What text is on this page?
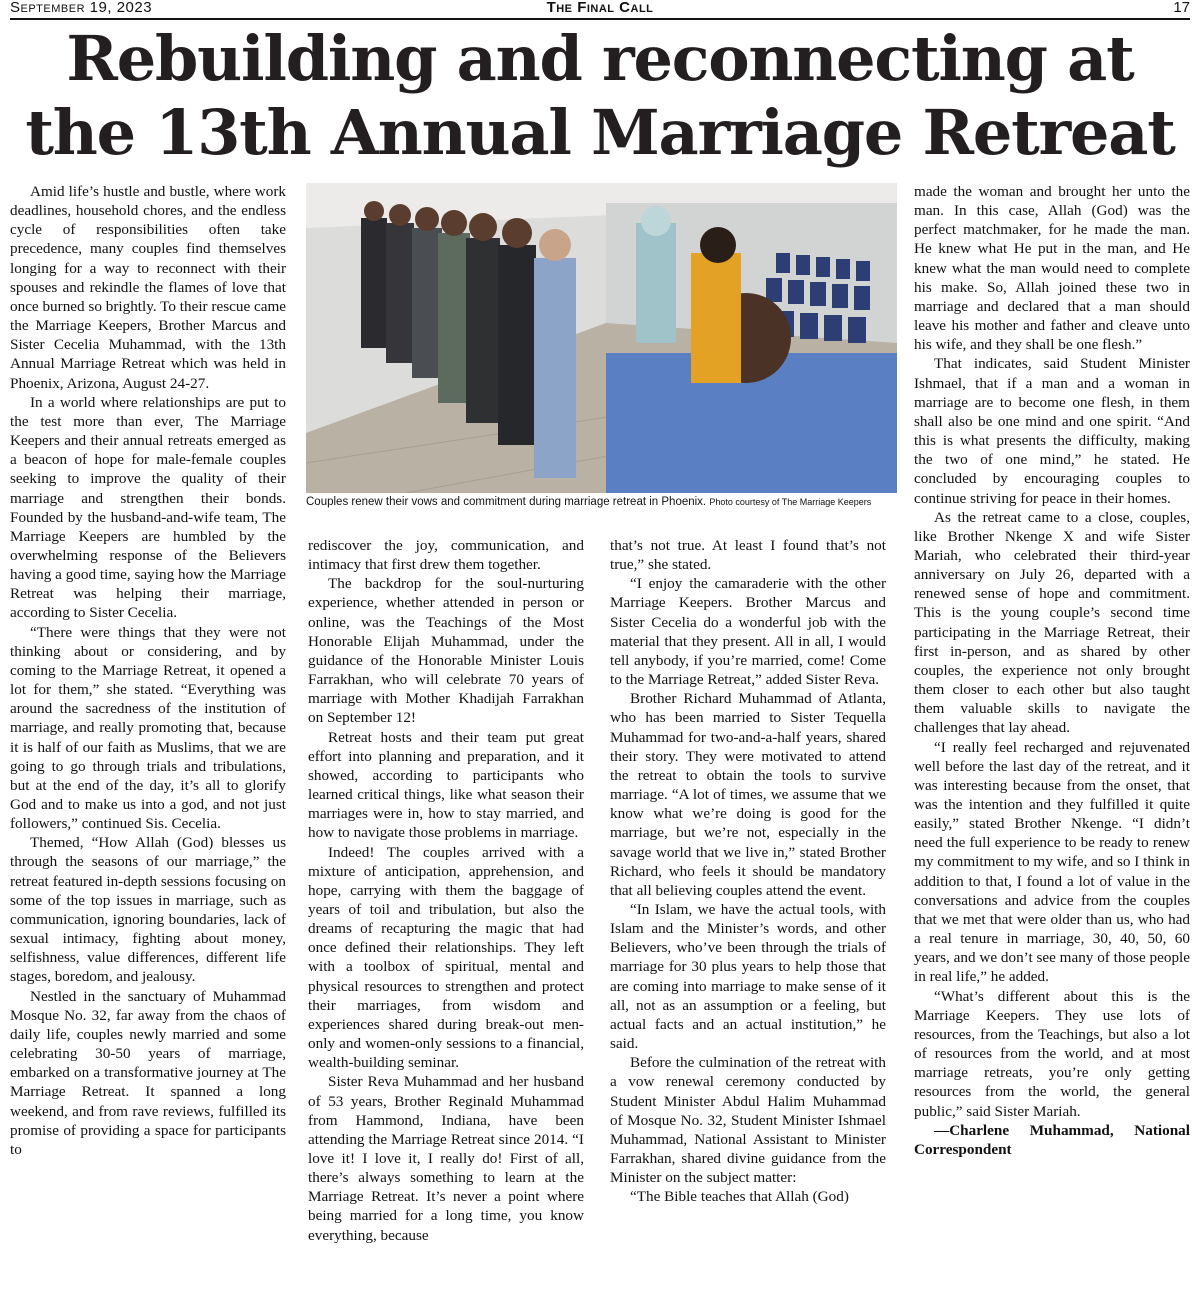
September 19, 2023	The Final Call	17
Rebuilding and reconnecting at
the 13th Annual Marriage Retreat

Amid life’s hustle and bustle, where work deadlines, household chores, and the endless cycle of responsibilities often take precedence, many couples find themselves longing for a way to reconnect with their spouses and rekindle the flames of love that once burned so brightly. To their rescue came the Marriage Keepers, Brother Marcus and Sister Cecelia Muhammad, with the 13th Annual Marriage Retreat which was held in Phoenix, Arizona, August 24-27.

In a world where relationships are put to the test more than ever, The Marriage Keepers and their annual retreats emerged as a beacon of hope for male-female couples seeking to improve the quality of their marriage and strengthen their bonds. Founded by the husband-and-wife team, The Marriage Keepers are humbled by the overwhelming response of the Believers having a good time, saying how the Marriage Retreat was helping their marriage, according to Sister Cecelia.

“There were things that they were not thinking about or considering, and by coming to the Marriage Retreat, it opened a lot for them,” she stated. “Everything was around the sacredness of the institution of marriage, and really promoting that, because it is half of our faith as Muslims, that we are going to go through trials and tribulations, but at the end of the day, it’s all to glorify God and to make us into a god, and not just followers,” continued Sis. Cecelia.

Themed, “How Allah (God) blesses us through the seasons of our marriage,” the retreat featured in-depth sessions focusing on some of the top issues in marriage, such as communication, ignoring boundaries, lack of sexual intimacy, fighting about money, selfishness, value differences, different life stages, boredom, and jealousy.

Nestled in the sanctuary of Muhammad Mosque No. 32, far away from the chaos of daily life, couples newly married and some celebrating 30-50 years of marriage, embarked on a transformative journey at The Marriage Retreat. It spanned a long weekend, and from rave reviews, fulfilled its promise of providing a space for participants to

Couples renew their vows and commitment during marriage retreat in Phoenix. Photo courtesy of The Marriage Keepers

rediscover the joy, communication, and intimacy that first drew them together.

The backdrop for the soul-nurturing experience, whether attended in person or online, was the Teachings of the Most Honorable Elijah Muhammad, under the guidance of the Honorable Minister Louis Farrakhan, who will celebrate 70 years of marriage with Mother Khadijah Farrakhan on September 12!

Retreat hosts and their team put great effort into planning and preparation, and it showed, according to participants who learned critical things, like what season their marriages were in, how to stay married, and how to navigate those problems in marriage.

Indeed! The couples arrived with a mixture of anticipation, apprehension, and hope, carrying with them the baggage of years of toil and tribulation, but also the dreams of recapturing the magic that had once defined their relationships. They left with a toolbox of spiritual, mental and physical resources to strengthen and protect their marriages, from wisdom and experiences shared during break-out men-only and women-only sessions to a financial, wealth-building seminar.

Sister Reva Muhammad and her husband of 53 years, Brother Reginald Muhammad from Hammond, Indiana, have been attending the Marriage Retreat since 2014. “I love it! I love it, I really do! First of all, there’s always something to learn at the Marriage Retreat. It’s never a point where being married for a long time, you know everything, because

that’s not true. At least I found that’s not true,” she stated.

“I enjoy the camaraderie with the other Marriage Keepers. Brother Marcus and Sister Cecelia do a wonderful job with the material that they present. All in all, I would tell anybody, if you’re married, come! Come to the Marriage Retreat,” added Sister Reva.

Brother Richard Muhammad of Atlanta, who has been married to Sister Tequella Muhammad for two-and-a-half years, shared their story. They were motivated to attend the retreat to obtain the tools to survive marriage. “A lot of times, we assume that we know what we’re doing is good for the marriage, but we’re not, especially in the savage world that we live in,” stated Brother Richard, who feels it should be mandatory that all believing couples attend the event.

“In Islam, we have the actual tools, with Islam and the Minister’s words, and other Believers, who’ve been through the trials of marriage for 30 plus years to help those that are coming into marriage to make sense of it all, not as an assumption or a feeling, but actual facts and an actual institution,” he said.

Before the culmination of the retreat with a vow renewal ceremony conducted by Student Minister Abdul Halim Muhammad of Mosque No. 32, Student Minister Ishmael Muhammad, National Assistant to Minister Farrakhan, shared divine guidance from the Minister on the subject matter:

“The Bible teaches that Allah (God)

made the woman and brought her unto the man. In this case, Allah (God) was the perfect matchmaker, for he made the man. He knew what He put in the man, and He knew what the man would need to complete his make. So, Allah joined these two in marriage and declared that a man should leave his mother and father and cleave unto his wife, and they shall be one flesh.”

That indicates, said Student Minister Ishmael, that if a man and a woman in marriage are to become one flesh, in them shall also be one mind and one spirit. “And this is what presents the difficulty, making the two of one mind,” he stated. He concluded by encouraging couples to continue striving for peace in their homes.

As the retreat came to a close, couples, like Brother Nkenge X and wife Sister Mariah, who celebrated their third-year anniversary on July 26, departed with a renewed sense of hope and commitment. This is the young couple’s second time participating in the Marriage Retreat, their first in-person, and as shared by other couples, the experience not only brought them closer to each other but also taught them valuable skills to navigate the challenges that lay ahead.

“I really feel recharged and rejuvenated well before the last day of the retreat, and it was interesting because from the onset, that was the intention and they fulfilled it quite easily,” stated Brother Nkenge. “I didn’t need the full experience to be ready to renew my commitment to my wife, and so I think in addition to that, I found a lot of value in the conversations and advice from the couples that we met that were older than us, who had a real tenure in marriage, 30, 40, 50, 60 years, and we don’t see many of those people in real life,” he added.

“What’s different about this is the Marriage Keepers. They use lots of resources, from the Teachings, but also a lot of resources from the world, and at most marriage retreats, you’re only getting resources from the world, the general public,” said Sister Mariah.

—Charlene Muhammad, National Correspondent
